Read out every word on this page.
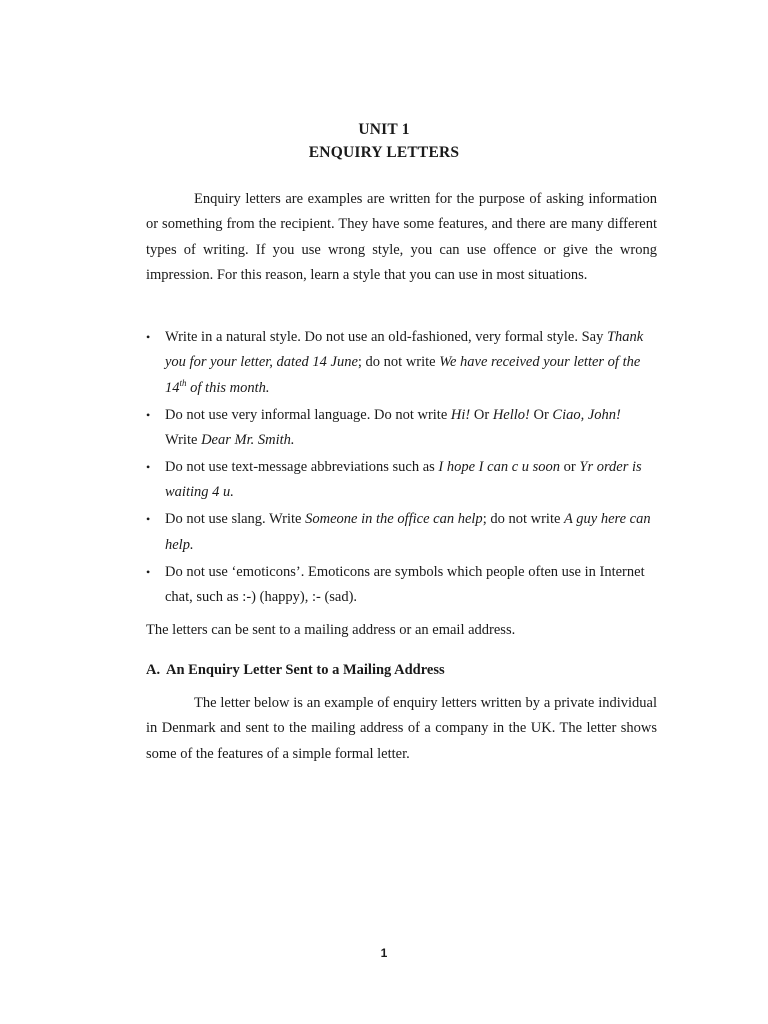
UNIT 1
ENQUIRY LETTERS

Enquiry letters are examples are written for the purpose of asking information or something from the recipient. They have some features, and there are many different types of writing. If you use wrong style, you can use offence or give the wrong impression. For this reason, learn a style that you can use in most situations.

• Write in a natural style. Do not use an old-fashioned, very formal style. Say Thank you for your letter, dated 14 June; do not write We have received your letter of the 14th of this month.
• Do not use very informal language. Do not write Hi! Or Hello! Or Ciao, John!
Write Dear Mr. Smith.
• Do not use text-message abbreviations such as I hope I can c u soon or Yr order is waiting 4 u.
• Do not use slang. Write Someone in the office can help; do not write A guy here can help.
• Do not use ‘emoticons’. Emoticons are symbols which people often use in Internet chat, such as :-) (happy), :- (sad).

The letters can be sent to a mailing address or an email address.

A. An Enquiry Letter Sent to a Mailing Address

The letter below is an example of enquiry letters written by a private individual in Denmark and sent to the mailing address of a company in the UK. The letter shows some of the features of a simple formal letter.

1
